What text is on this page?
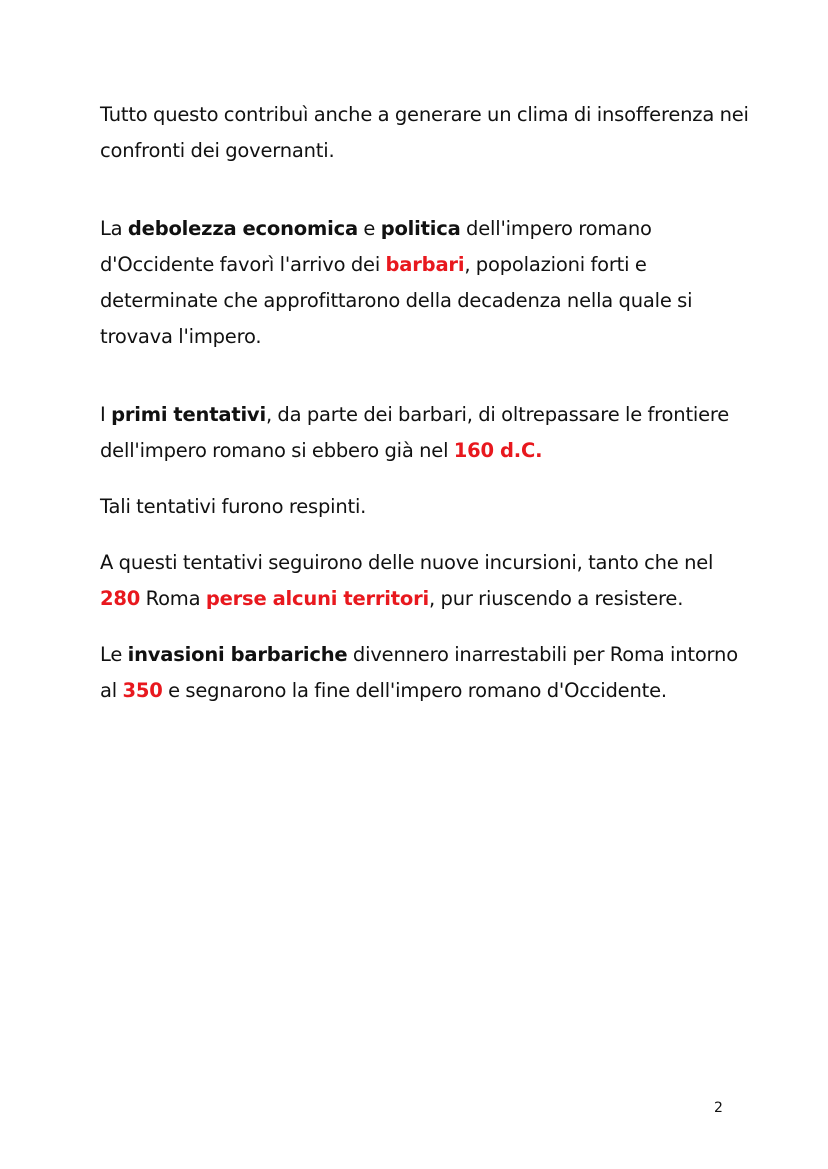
Tutto questo contribuì anche a generare un clima di insofferenza nei confronti dei governanti.

La debolezza economica e politica dell'impero romano d'Occidente favorì l'arrivo dei barbari, popolazioni forti e determinate che approfittarono della decadenza nella quale si trovava l'impero.

I primi tentativi, da parte dei barbari, di oltrepassare le frontiere dell'impero romano si ebbero già nel 160 d.C.

Tali tentativi furono respinti.

A questi tentativi seguirono delle nuove incursioni, tanto che nel 280 Roma perse alcuni territori, pur riuscendo a resistere.

Le invasioni barbariche divennero inarrestabili per Roma intorno al 350 e segnarono la fine dell'impero romano d'Occidente.

2
